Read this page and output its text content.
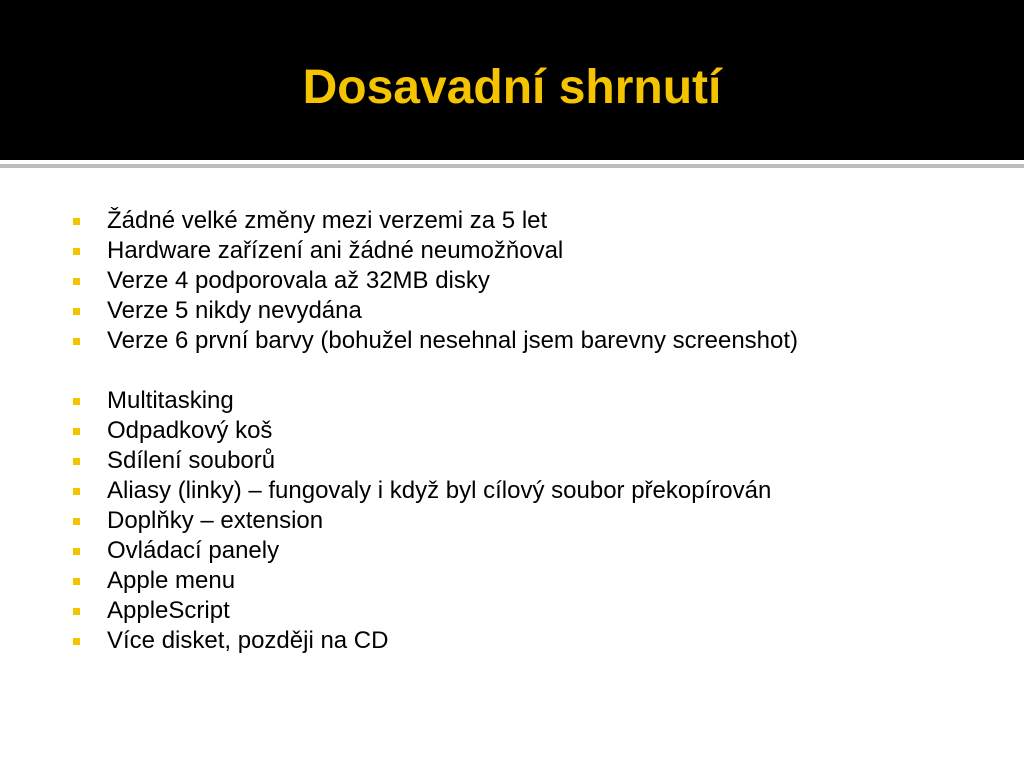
Dosavadní shrnutí
Žádné velké změny mezi verzemi za 5 let
Hardware zařízení ani žádné neumožňoval
Verze 4 podporovala až 32MB disky
Verze 5 nikdy nevydána
Verze 6 první barvy (bohužel nesehnal jsem barevny screenshot)
Multitasking
Odpadkový koš
Sdílení souborů
Aliasy (linky) – fungovaly i když byl cílový soubor překopírován
Doplňky – extension
Ovládací panely
Apple menu
AppleScript
Více disket, později na CD
